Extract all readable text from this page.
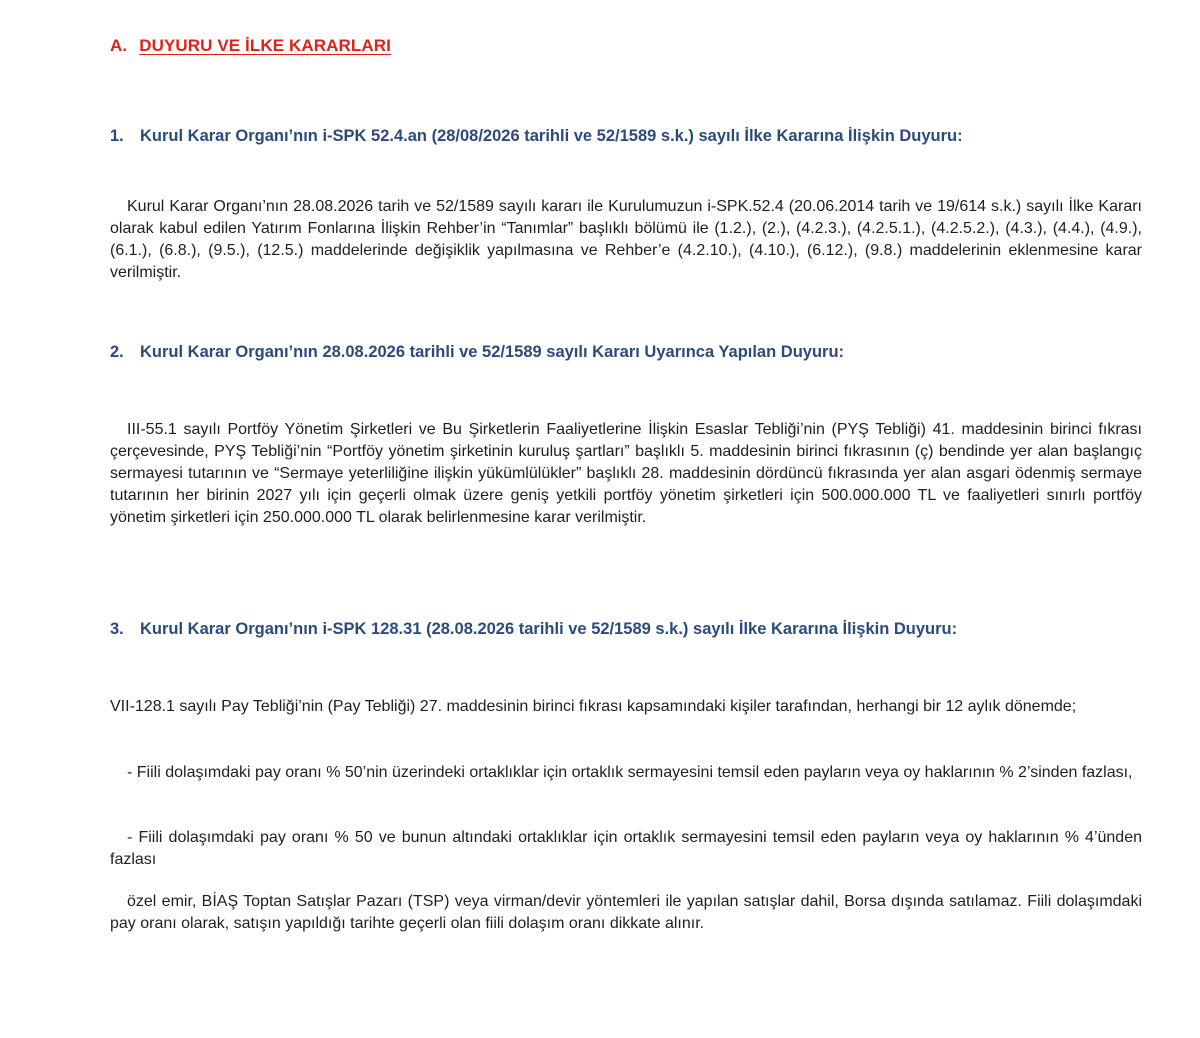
A. DUYURU VE İLKE KARARLARI
1. Kurul Karar Organı’nın i-SPK 52.4.an (28/08/2026 tarihli ve 52/1589 s.k.) sayılı İlke Kararına İlişkin Duyuru:

Kurul Karar Organı’nın 28.08.2026 tarih ve 52/1589 sayılı kararı ile Kurulumuzun i-SPK.52.4 (20.06.2014 tarih ve 19/614 s.k.) sayılı İlke Kararı olarak kabul edilen Yatırım Fonlarına İlişkin Rehber’in “Tanımlar” başlıklı bölümü ile (1.2.), (2.), (4.2.3.), (4.2.5.1.), (4.2.5.2.), (4.3.), (4.4.), (4.9.), (6.1.), (6.8.), (9.5.), (12.5.) maddelerinde değişiklik yapılmasına ve Rehber’e (4.2.10.), (4.10.), (6.12.), (9.8.) maddelerinin eklenmesine karar verilmiştir.

2. Kurul Karar Organı’nın 28.08.2026 tarihli ve 52/1589 sayılı Kararı Uyarınca Yapılan Duyuru:

III-55.1 sayılı Portföy Yönetim Şirketleri ve Bu Şirketlerin Faaliyetlerine İlişkin Esaslar Tebliği’nin (PYŞ Tebliği) 41. maddesinin birinci fıkrası çerçevesinde, PYŞ Tebliği’nin “Portföy yönetim şirketinin kuruluş şartları” başlıklı 5. maddesinin birinci fıkrasının (ç) bendinde yer alan başlangıç sermayesi tutarının ve “Sermaye yeterliliğine ilişkin yükümlülükler” başlıklı 28. maddesinin dördüncü fıkrasında yer alan asgari ödenmiş sermaye tutarının her birinin 2027 yılı için geçerli olmak üzere geniş yetkili portföy yönetim şirketleri için 500.000.000 TL ve faaliyetleri sınırlı portföy yönetim şirketleri için 250.000.000 TL olarak belirlenmesine karar verilmiştir.

3. Kurul Karar Organı’nın i-SPK 128.31 (28.08.2026 tarihli ve 52/1589 s.k.) sayılı İlke Kararına İlişkin Duyuru:

VII-128.1 sayılı Pay Tebliği’nin (Pay Tebliği) 27. maddesinin birinci fıkrası kapsamındaki kişiler tarafından, herhangi bir 12 aylık dönemde;

- Fiili dolaşımdaki pay oranı % 50’nin üzerindeki ortaklıklar için ortaklık sermayesini temsil eden payların veya oy haklarının % 2’sinden fazlası,

- Fiili dolaşımdaki pay oranı % 50 ve bunun altındaki ortaklıklar için ortaklık sermayesini temsil eden payların veya oy haklarının % 4’ünden fazlası

özel emir, BİAŞ Toptan Satışlar Pazarı (TSP) veya virman/devir yöntemleri ile yapılan satışlar dahil, Borsa dışında satılamaz. Fiili dolaşımdaki pay oranı olarak, satışın yapıldığı tarihte geçerli olan fiili dolaşım oranı dikkate alınır.
